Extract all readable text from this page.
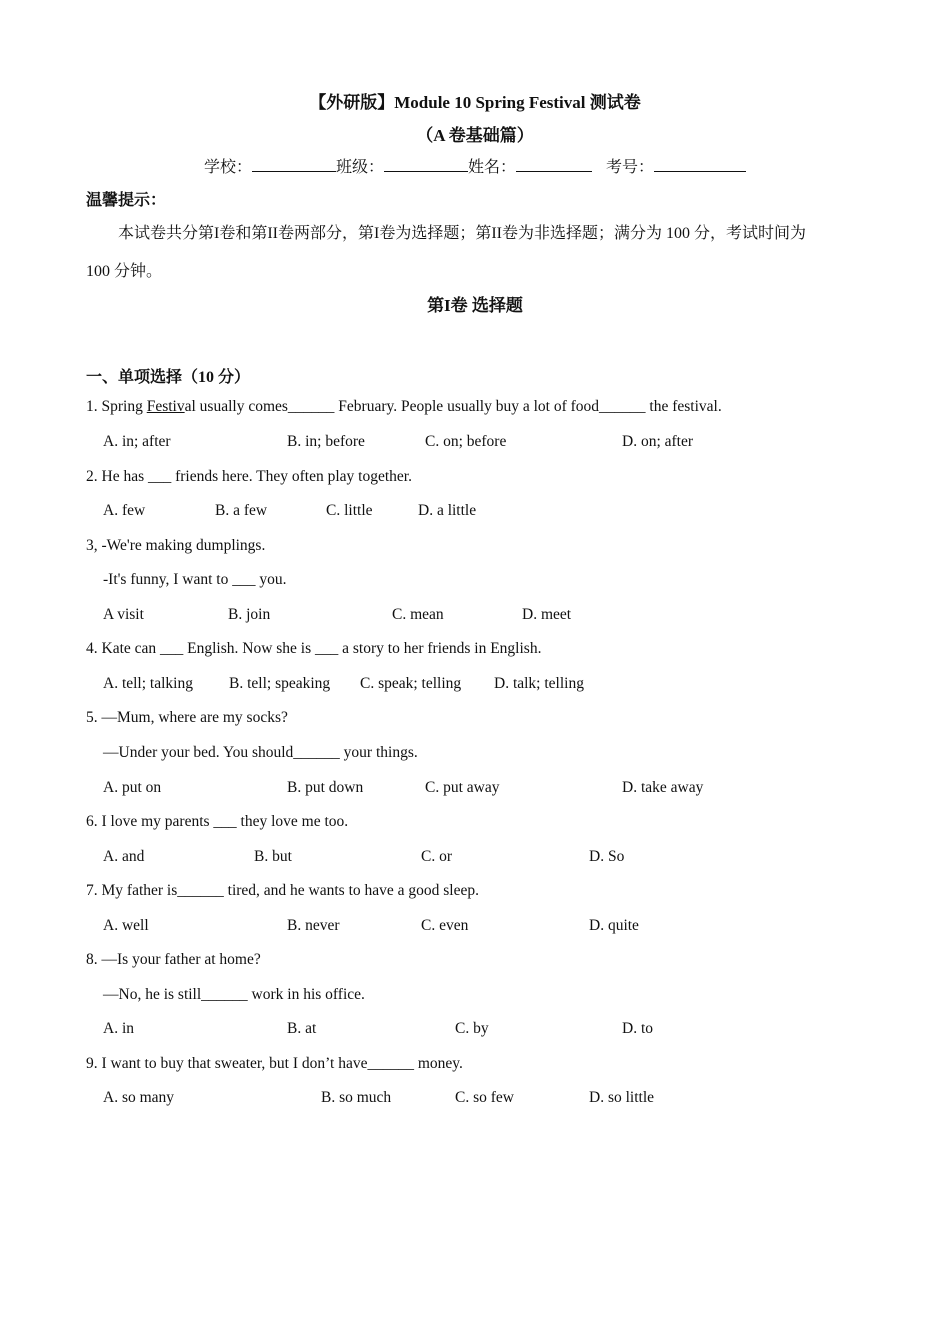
【外研版】Module 10 Spring Festival 测试卷
（A 卷基础篇）
学校：	班级：	姓名：	考号：
温馨提示：
本试卷共分第I卷和第II卷两部分，第I卷为选择题；第II卷为非选择题；满分为 100 分，考试时间为
100 分钟。
第I卷 选择题
一、单项选择（10 分）
1. Spring Festival usually comes______ February. People usually buy a lot of food______ the festival.
A. in; after	B. in; before	C. on; before	D. on; after
2. He has ___ friends here. They often play together.
A. few	B. a few	C. little	D. a little
3, -We're making dumplings.
-It's funny, I want to ___ you.
A visit	B. join	C. mean	D. meet
4. Kate can ___ English. Now she is ___ a story to her friends in English.
A. tell; talking B. tell; speaking C. speak; telling D. talk; telling
5. —Mum, where are my socks?
—Under your bed. You should______ your things.
A. put on	B. put down	C. put away	D. take away
6. I love my parents ___ they love me too.
A. and	B. but	C. or	D. So
7. My father is______ tired, and he wants to have a good sleep.
A. well	B. never	C. even	D. quite
8. —Is your father at home?
—No, he is still______ work in his office.
A. in	B. at	C. by	D. to
9. I want to buy that sweater, but I don’t have______ money.
A. so many	B. so much	C. so few	D. so little
